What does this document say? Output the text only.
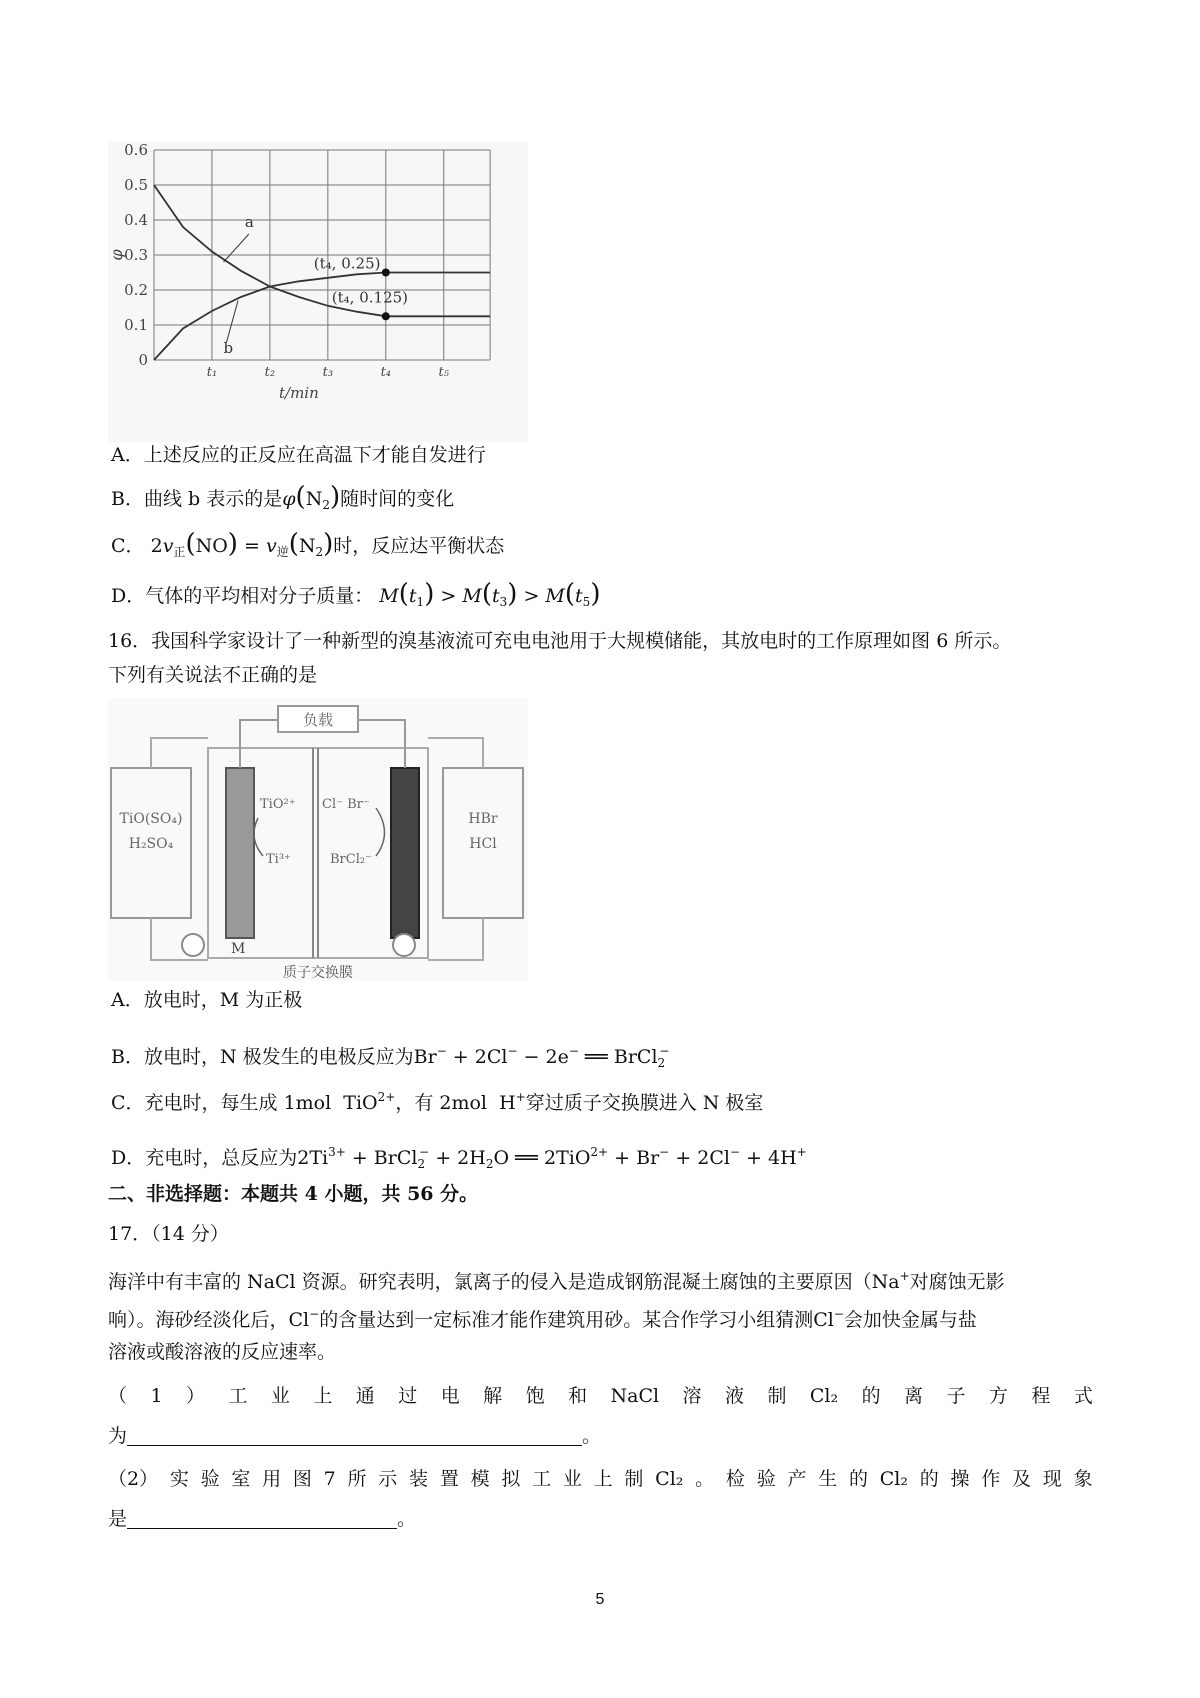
0
0.1
0.2
0.3
0.4
0.5
0.6
t₁	t₂	t₃	t₄	t₅
t/min
φ
a
b
(t₄, 0.25)
(t₄, 0.125)
A．上述反应的正反应在高温下才能自发进行
B．曲线 b 表示的是$\varphi(N_2)$随时间的变化
C． $2v_正(NO) = v_逆(N_2)$时，反应达平衡状态
D．气体的平均相对分子质量： $M(t_1) > M(t_3) > M(t_5)$
16．我国科学家设计了一种新型的溴基液流可充电电池用于大规模储能，其放电时的工作原理如图 6 所示。
下列有关说法不正确的是
TiO(SO₄)
H₂SO₄
HBr
HCl
M
负载
TiO²⁺
Ti³⁺
Cl⁻ Br⁻
BrCl₂⁻
质子交换膜
A．放电时，M 为正极
B．放电时，N 极发生的电极反应为Br− + 2Cl− − 2e− ══ BrCl$_2$−
C．充电时，每生成 1mol  TiO$^{2+}$，有 2mol  H+穿过质子交换膜进入 N 极室
D．充电时，总反应为$2Ti^{3+}$ + BrCl$_2$− + $2H_2O$ ══ 2TiO$^{2+}$ + Br− + 2Cl− + 4H+
二、非选择题：本题共 4 小题，共 56 分。
17．（14 分）
海洋中有丰富的 NaCl 资源。研究表明，氯离子的侵入是造成钢筋混凝土腐蚀的主要原因（Na+对腐蚀无影
响）。海砂经淡化后，Cl−的含量达到一定标准才能作建筑用砂。某合作学习小组猜测Cl−会加快金属与盐
溶液或酸溶液的反应速率。
（ 1 ） 工 业 上 通 过 电 解 饱 和 NaCl 溶 液 制 Cl₂ 的 离 子 方 程 式
为	。
（2） 实 验 室 用 图 7 所 示 装 置 模 拟 工 业 上 制 Cl₂ 。 检 验 产 生 的 Cl₂ 的 操 作 及 现 象
是	。
5
